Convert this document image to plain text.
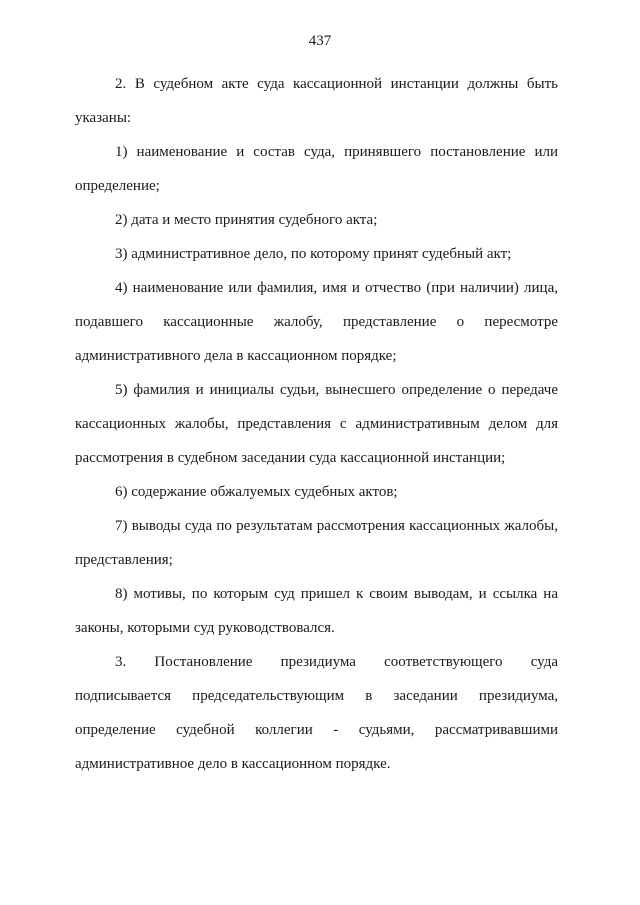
437

2. В судебном акте суда кассационной инстанции должны быть указаны:

1) наименование и состав суда, принявшего постановление или определение;

2) дата и место принятия судебного акта;

3) административное дело, по которому принят судебный акт;

4) наименование или фамилия, имя и отчество (при наличии) лица, подавшего кассационные жалобу, представление о пересмотре административного дела в кассационном порядке;

5) фамилия и инициалы судьи, вынесшего определение о передаче кассационных жалобы, представления с административным делом для рассмотрения в судебном заседании суда кассационной инстанции;

6) содержание обжалуемых судебных актов;

7) выводы суда по результатам рассмотрения кассационных жалобы, представления;

8) мотивы, по которым суд пришел к своим выводам, и ссылка на законы, которыми суд руководствовался.

3. Постановление президиума соответствующего суда подписывается председательствующим в заседании президиума, определение судебной коллегии - судьями, рассматривавшими административное дело в кассационном порядке.
